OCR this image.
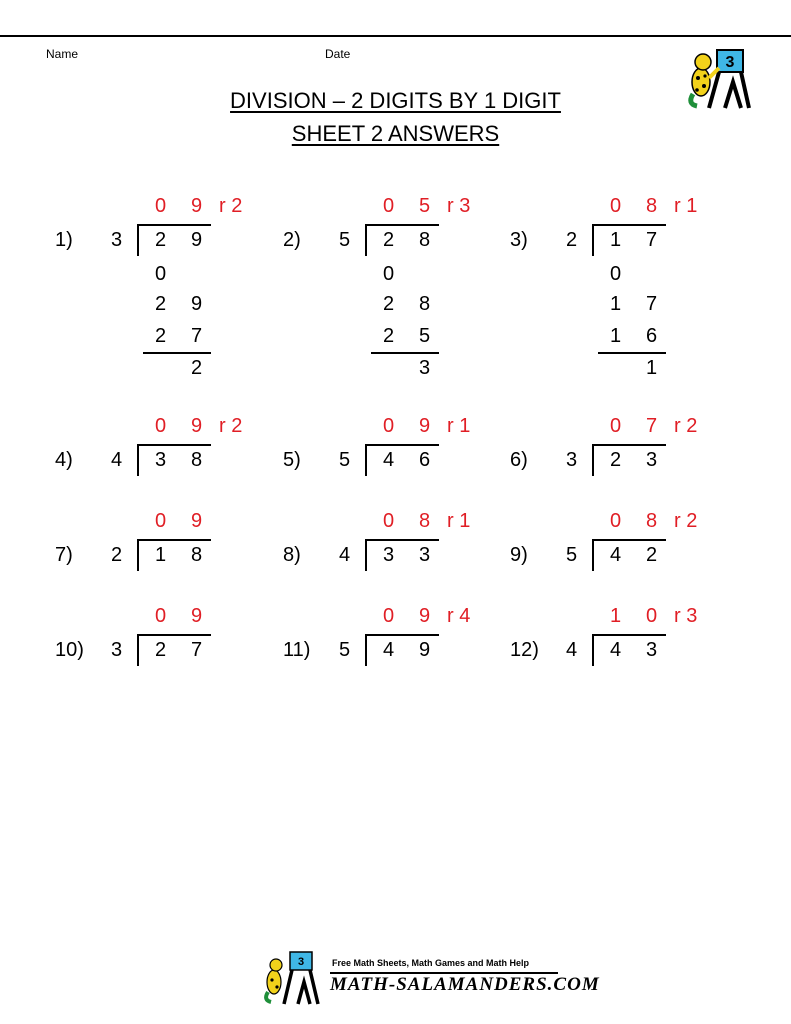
Name	Date
DIVISION – 2 DIGITS BY 1 DIGIT
SHEET 2 ANSWERS
3
1) 3 2 9
0 9 r 2
0
2 9
2 7
2
2) 5 2 8
0 5 r 3
0
2 8
2 5
3
3) 2 1 7
0 8 r 1
0
1 7
1 6
1
4) 4 3 8
0 9 r 2
5) 5 4 6
0 9 r 1
6) 3 2 3
0 7 r 2
7) 2 1 8
0 9
8) 4 3 3
0 8 r 1
9) 5 4 2
0 8 r 2
10) 3 2 7
0 9
11) 5 4 9
0 9 r 4
12) 4 4 3
1 0 r 3
3	Free Math Sheets, Math Games and Math Help
MATH-SALAMANDERS.COM
